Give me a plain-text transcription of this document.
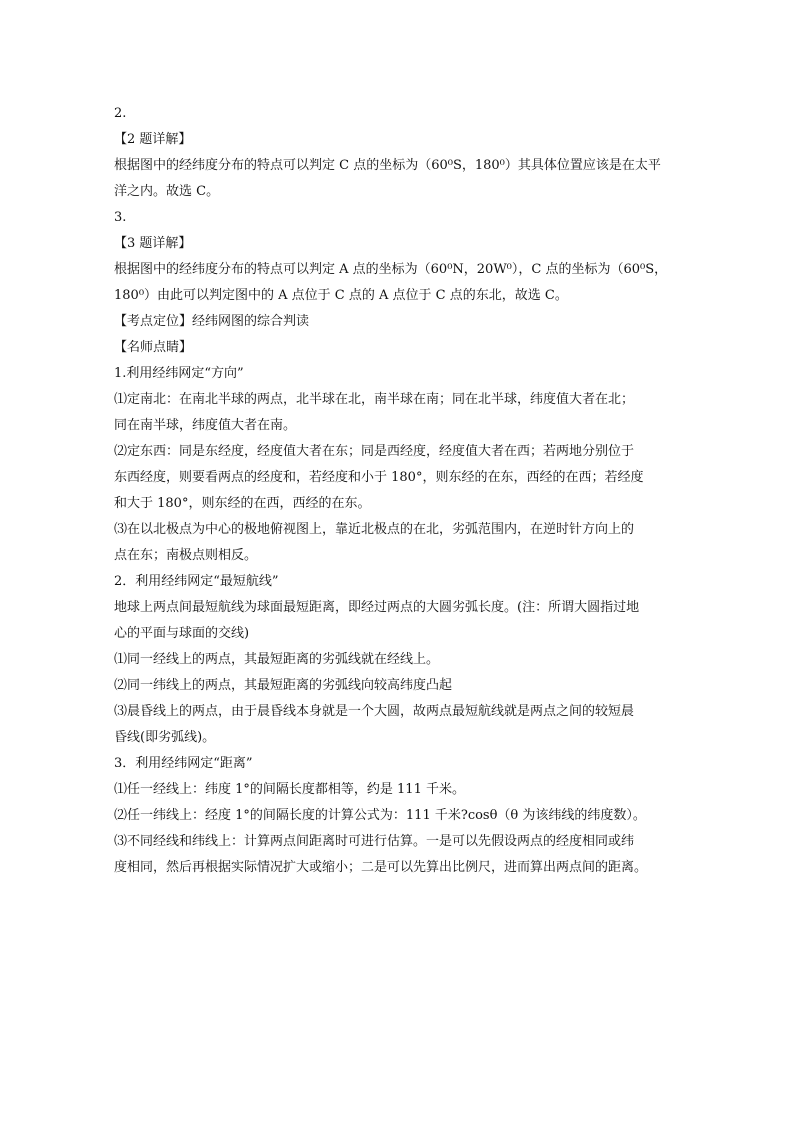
2.
【2 题详解】
根据图中的经纬度分布的特点可以判定 C 点的坐标为（60⁰S，180⁰）其具体位置应该是在太平
洋之内。故选 C。
3.
【3 题详解】
根据图中的经纬度分布的特点可以判定 A 点的坐标为（60⁰N，20W⁰），C 点的坐标为（60⁰S，
180⁰）由此可以判定图中的 A 点位于 C 点的 A 点位于 C 点的东北，故选 C。
【考点定位】经纬网图的综合判读
【名师点睛】
1.利用经纬网定“方向”
⑴定南北：在南北半球的两点，北半球在北，南半球在南；同在北半球，纬度值大者在北；
同在南半球，纬度值大者在南。
⑵定东西：同是东经度，经度值大者在东；同是西经度，经度值大者在西；若两地分别位于
东西经度，则要看两点的经度和，若经度和小于 180°，则东经的在东，西经的在西；若经度
和大于 180°，则东经的在西，西经的在东。
⑶在以北极点为中心的极地俯视图上，靠近北极点的在北，劣弧范围内，在逆时针方向上的
点在东；南极点则相反。
2．利用经纬网定“最短航线”
地球上两点间最短航线为球面最短距离，即经过两点的大圆劣弧长度。(注：所谓大圆指过地
心的平面与球面的交线)
⑴同一经线上的两点，其最短距离的劣弧线就在经线上。
⑵同一纬线上的两点，其最短距离的劣弧线向较高纬度凸起
⑶晨昏线上的两点，由于晨昏线本身就是一个大圆，故两点最短航线就是两点之间的较短晨
昏线(即劣弧线)。
3．利用经纬网定“距离”
⑴任一经线上：纬度 1°的间隔长度都相等，约是 111 千米。
⑵任一纬线上：经度 1°的间隔长度的计算公式为：111 千米?cosθ（θ 为该纬线的纬度数）。
⑶不同经线和纬线上：计算两点间距离时可进行估算。一是可以先假设两点的经度相同或纬
度相同，然后再根据实际情况扩大或缩小；二是可以先算出比例尺，进而算出两点间的距离。
